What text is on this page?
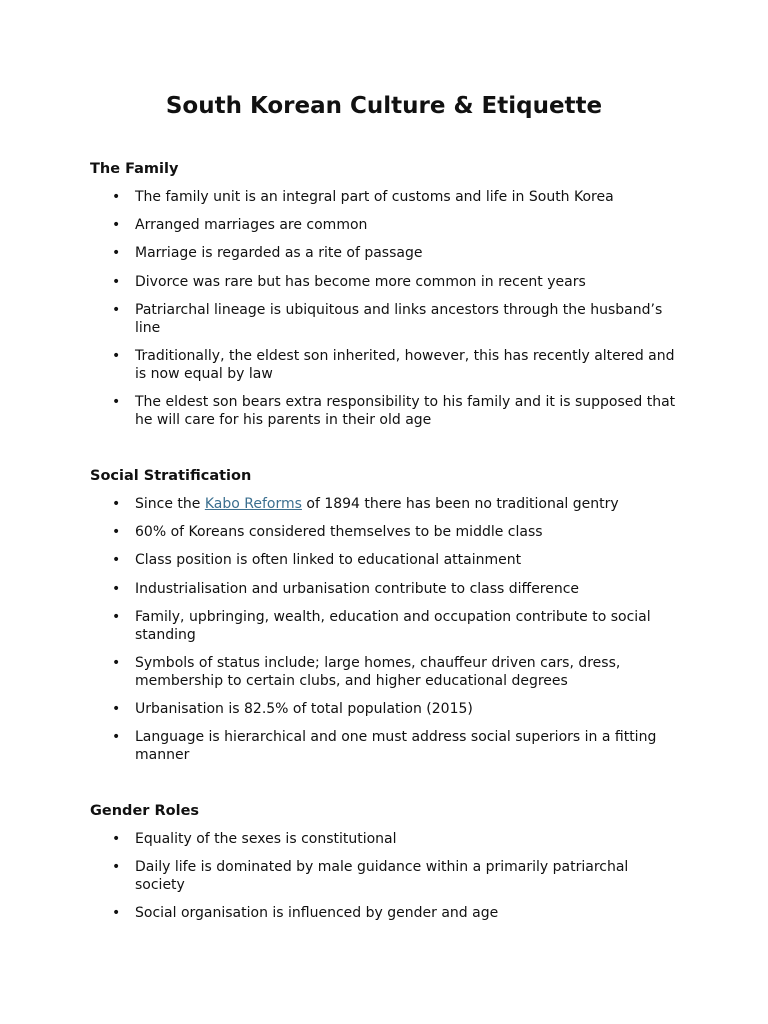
South Korean Culture & Etiquette
The Family
• The family unit is an integral part of customs and life in South Korea
• Arranged marriages are common
• Marriage is regarded as a rite of passage
• Divorce was rare but has become more common in recent years
• Patriarchal lineage is ubiquitous and links ancestors through the husband’s line
• Traditionally, the eldest son inherited, however, this has recently altered and is now equal by law
• The eldest son bears extra responsibility to his family and it is supposed that he will care for his parents in their old age
Social Stratification
• Since the Kabo Reforms of 1894 there has been no traditional gentry
• 60% of Koreans considered themselves to be middle class
• Class position is often linked to educational attainment
• Industrialisation and urbanisation contribute to class difference
• Family, upbringing, wealth, education and occupation contribute to social standing
• Symbols of status include; large homes, chauffeur driven cars, dress, membership to certain clubs, and higher educational degrees
• Urbanisation is 82.5% of total population (2015)
• Language is hierarchical and one must address social superiors in a fitting manner
Gender Roles
• Equality of the sexes is constitutional
• Daily life is dominated by male guidance within a primarily patriarchal society
• Social organisation is influenced by gender and age
